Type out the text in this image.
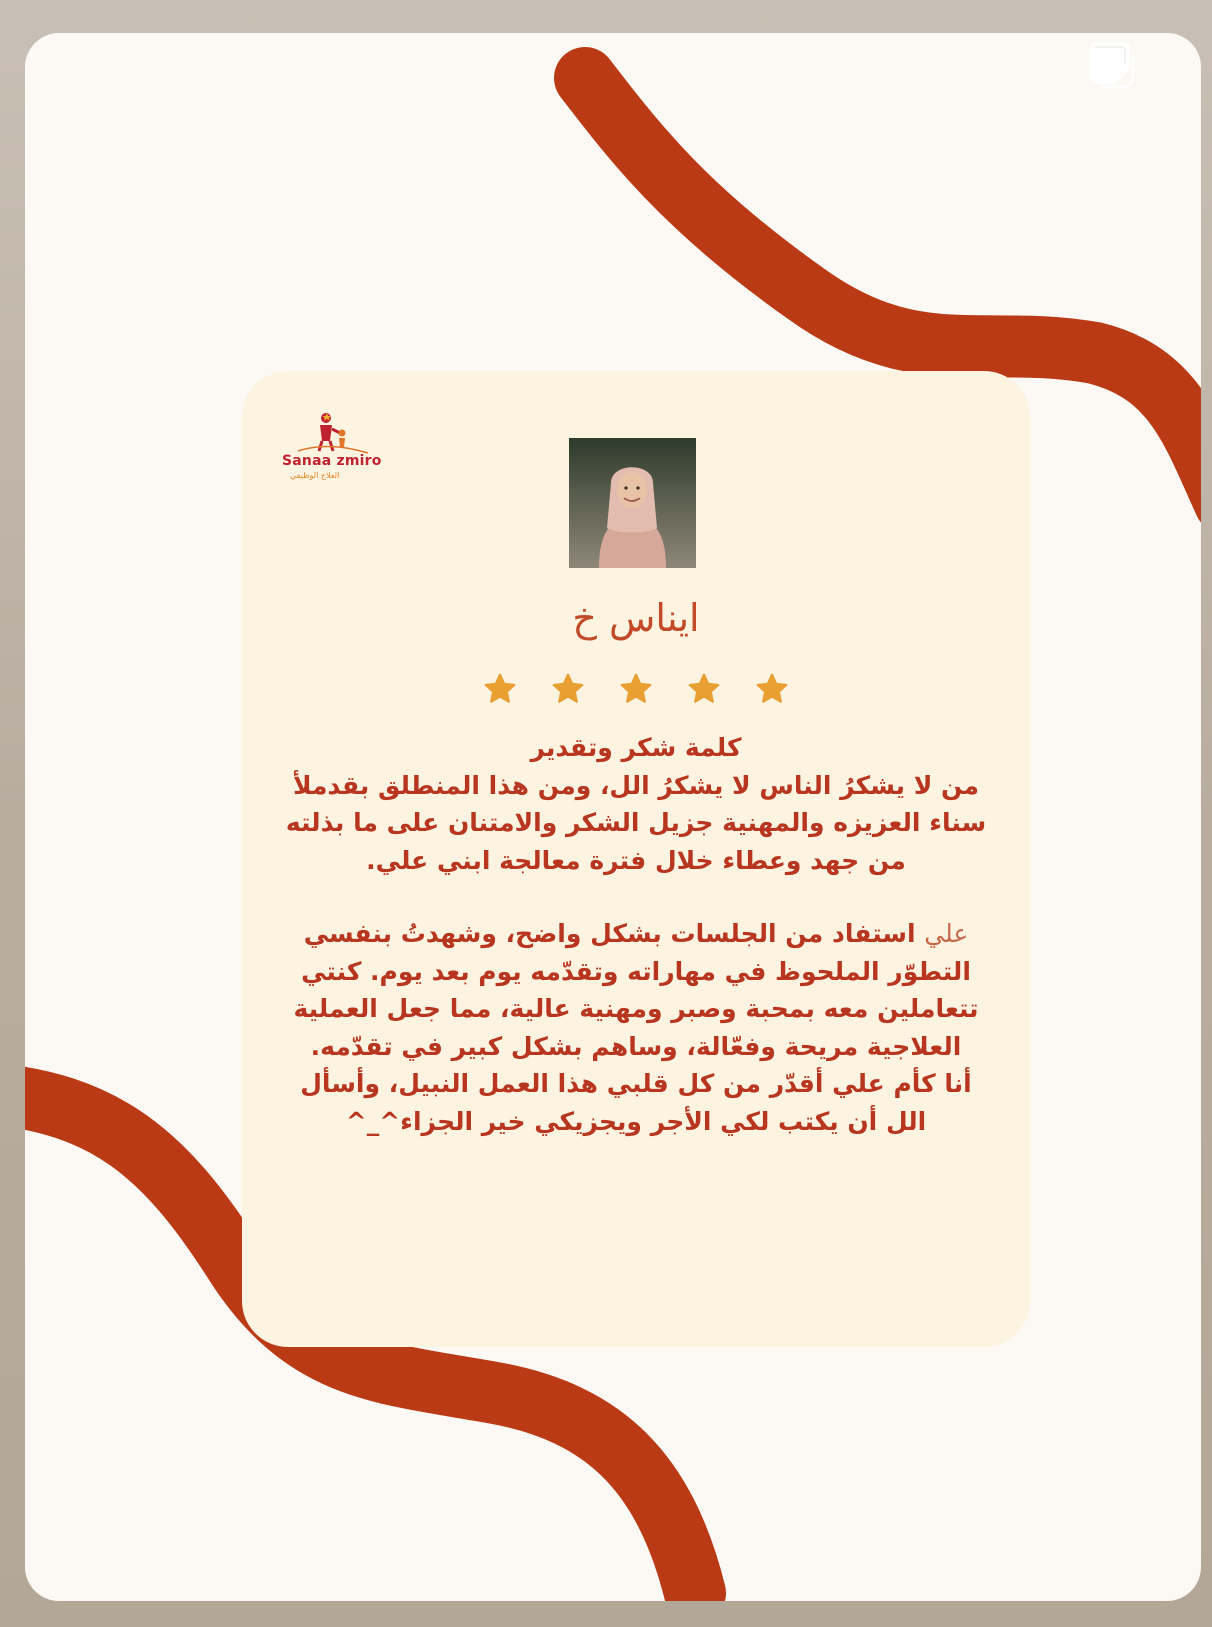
Sanaa zmiro
العلاج الوظيفي
ايناس خ

كلمة شكر وتقدير

من لا يشكرُ الناس لا يشكرُ الل، ومن هذا المنطلق بقدملأ سناء العزيزه والمهنية جزيل الشكر والامتنان على ما بذلته من جهد وعطاء خلال فترة معالجة ابني علي.

علي استفاد من الجلسات بشكل واضح، وشهدتُ بنفسي التطوّر الملحوظ في مهاراته وتقدّمه يوم بعد يوم. كنتي تتعاملين معه بمحبة وصبر ومهنية عالية، مما جعل العملية العلاجية مريحة وفعّالة، وساهم بشكل كبير في تقدّمه.

أنا كأم علي أقدّر من كل قلبي هذا العمل النبيل، وأسأل الل أن يكتب لكي الأجر ويجزيكي خير الجزاء^_^
